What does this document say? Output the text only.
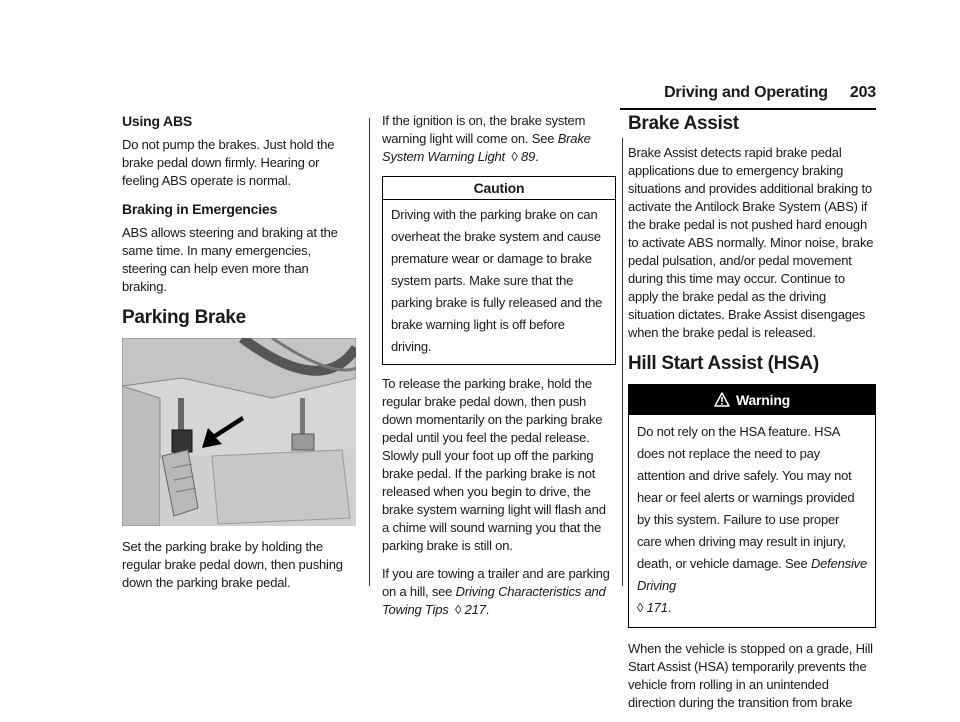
Driving and Operating 203
Using ABS

Do not pump the brakes. Just hold the brake pedal down firmly. Hearing or feeling ABS operate is normal.

Braking in Emergencies

ABS allows steering and braking at the same time. In many emergencies, steering can help even more than braking.

Parking Brake

Set the parking brake by holding the regular brake pedal down, then pushing down the parking brake pedal.

If the ignition is on, the brake system warning light will come on. See Brake System Warning Light ◊ 89.

Caution
Driving with the parking brake on can overheat the brake system and cause premature wear or damage to brake system parts. Make sure that the parking brake is fully released and the brake warning light is off before driving.

To release the parking brake, hold the regular brake pedal down, then push down momentarily on the parking brake pedal until you feel the pedal release. Slowly pull your foot up off the parking brake pedal. If the parking brake is not released when you begin to drive, the brake system warning light will flash and a chime will sound warning you that the parking brake is still on.

If you are towing a trailer and are parking on a hill, see Driving Characteristics and Towing Tips ◊ 217.

Brake Assist

Brake Assist detects rapid brake pedal applications due to emergency braking situations and provides additional braking to activate the Antilock Brake System (ABS) if the brake pedal is not pushed hard enough to activate ABS normally. Minor noise, brake pedal pulsation, and/or pedal movement during this time may occur. Continue to apply the brake pedal as the driving situation dictates. Brake Assist disengages when the brake pedal is released.

Hill Start Assist (HSA)
Warning
Do not rely on the HSA feature. HSA does not replace the need to pay attention and drive safely. You may not hear or feel alerts or warnings provided by this system. Failure to use proper care when driving may result in injury, death, or vehicle damage. See Defensive Driving
◊ 171.

When the vehicle is stopped on a grade, Hill Start Assist (HSA) temporarily prevents the vehicle from rolling in an unintended direction during the transition from brake
